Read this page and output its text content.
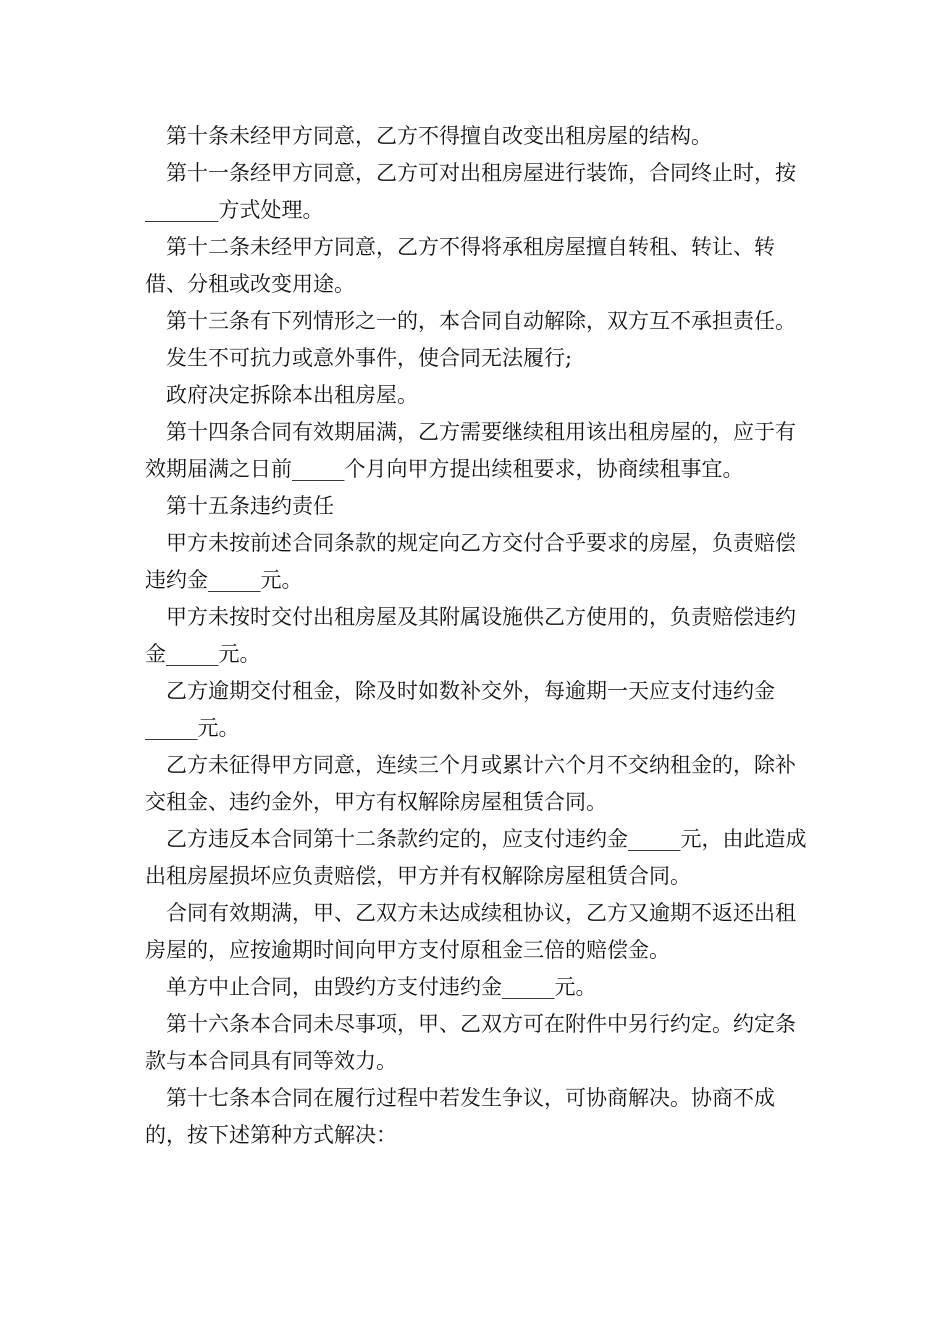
第十条未经甲方同意，乙方不得擅自改变出租房屋的结构。

第十一条经甲方同意，乙方可对出租房屋进行装饰，合同终止时，按_______方式处理。

第十二条未经甲方同意，乙方不得将承租房屋擅自转租、转让、转借、分租或改变用途。

第十三条有下列情形之一的，本合同自动解除，双方互不承担责任。

发生不可抗力或意外事件，使合同无法履行;

政府决定拆除本出租房屋。

第十四条合同有效期届满，乙方需要继续租用该出租房屋的，应于有效期届满之日前_____个月向甲方提出续租要求，协商续租事宜。

第十五条违约责任

甲方未按前述合同条款的规定向乙方交付合乎要求的房屋，负责赔偿违约金_____元。

甲方未按时交付出租房屋及其附属设施供乙方使用的，负责赔偿违约金_____元。

乙方逾期交付租金，除及时如数补交外，每逾期一天应支付违约金_____元。

乙方未征得甲方同意，连续三个月或累计六个月不交纳租金的，除补交租金、违约金外，甲方有权解除房屋租赁合同。

乙方违反本合同第十二条款约定的，应支付违约金_____元，由此造成出租房屋损坏应负责赔偿，甲方并有权解除房屋租赁合同。

合同有效期满，甲、乙双方未达成续租协议，乙方又逾期不返还出租房屋的，应按逾期时间向甲方支付原租金三倍的赔偿金。

单方中止合同，由毁约方支付违约金_____元。

第十六条本合同未尽事项，甲、乙双方可在附件中另行约定。约定条款与本合同具有同等效力。

第十七条本合同在履行过程中若发生争议，可协商解决。协商不成的，按下述第种方式解决：
